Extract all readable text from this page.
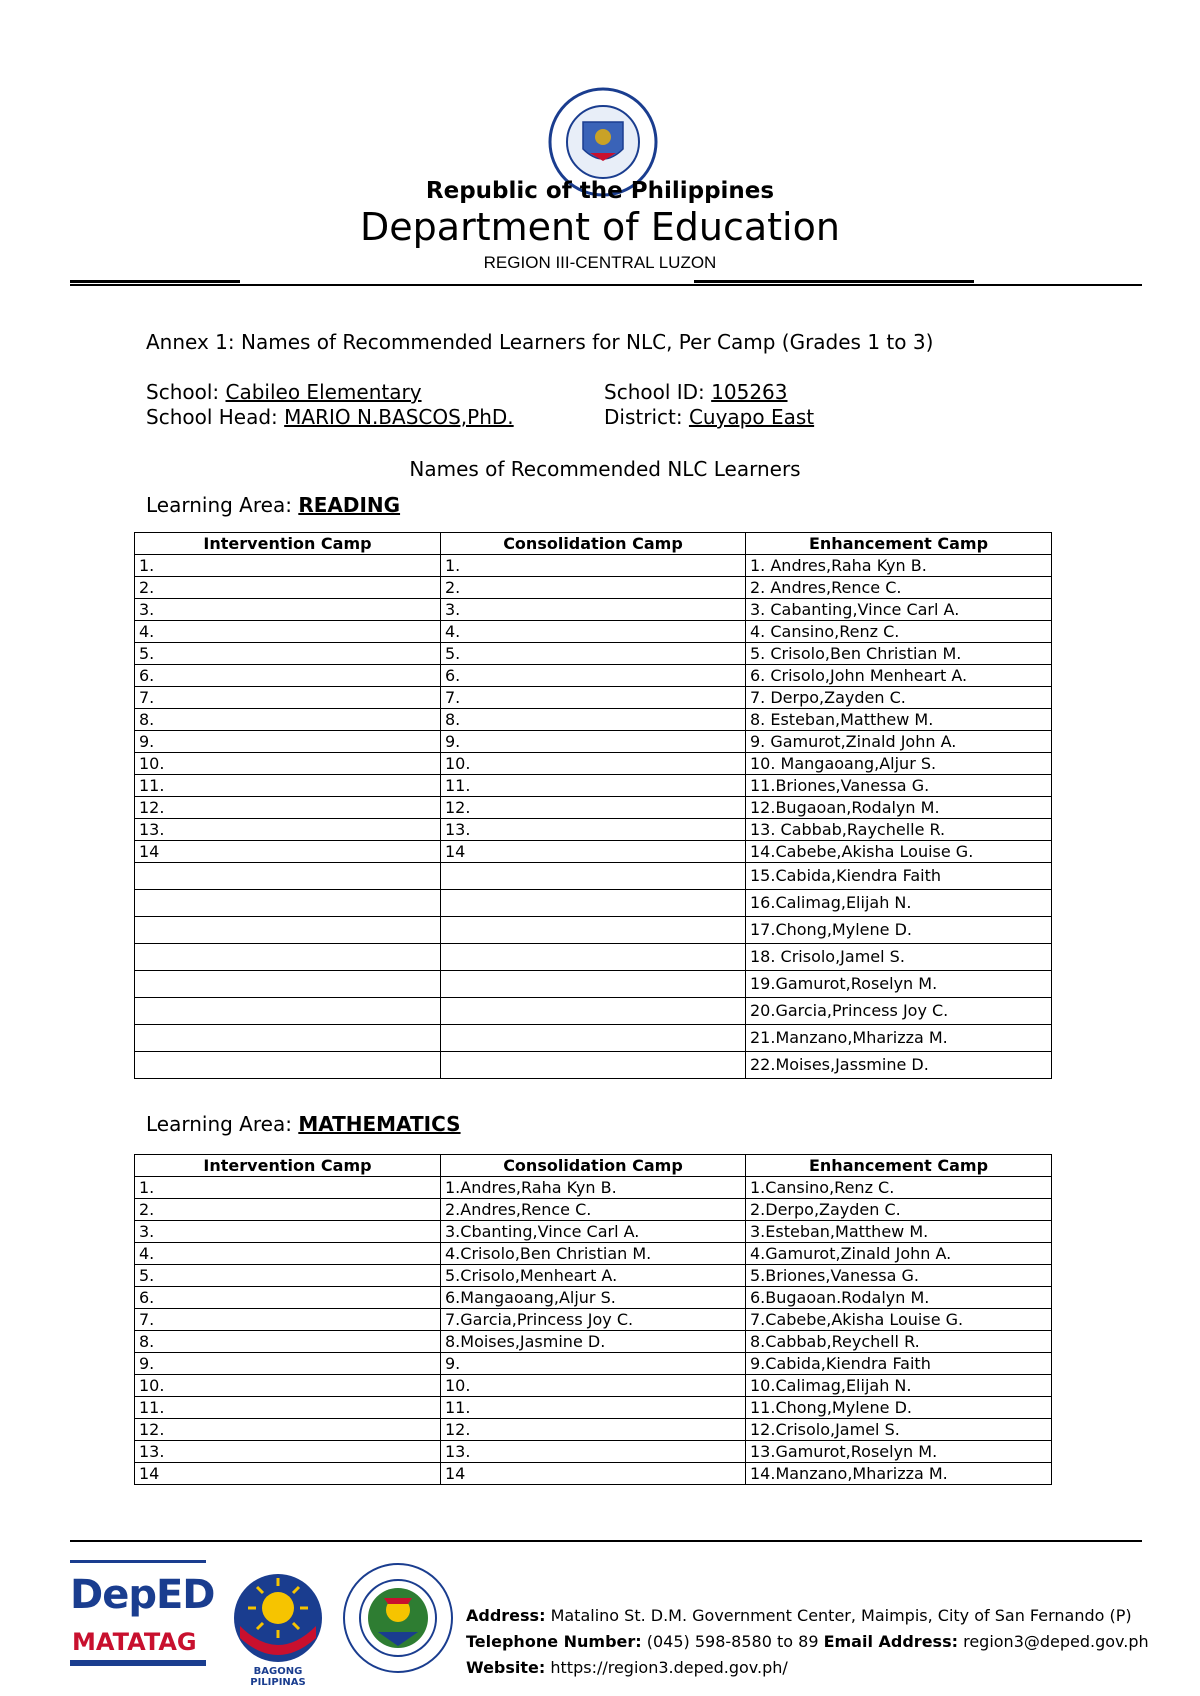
Republic of the Philippines
Department of Education
REGION III-CENTRAL LUZON
Annex 1: Names of Recommended Learners for NLC, Per Camp (Grades 1 to 3)
School: Cabileo Elementary	School ID: 105263
School Head: MARIO N.BASCOS,PhD.	District: Cuyapo East
Names of Recommended NLC Learners
Learning Area: READING
Intervention Camp	Consolidation Camp	Enhancement Camp
1.	1.	1. Andres,Raha Kyn B.
2.	2.	2. Andres,Rence C.
3.	3.	3. Cabanting,Vince Carl A.
4.	4.	4. Cansino,Renz C.
5.	5.	5. Crisolo,Ben Christian M.
6.	6.	6. Crisolo,John Menheart A.
7.	7.	7. Derpo,Zayden C.
8.	8.	8. Esteban,Matthew M.
9.	9.	9. Gamurot,Zinald John A.
10.	10.	10. Mangaoang,Aljur S.
11.	11.	11.Briones,Vanessa G.
12.	12.	12.Bugaoan,Rodalyn M.
13.	13.	13. Cabbab,Raychelle R.
14	14	14.Cabebe,Akisha Louise G.
		15.Cabida,Kiendra Faith
		16.Calimag,Elijah N.
		17.Chong,Mylene D.
		18. Crisolo,Jamel S.
		19.Gamurot,Roselyn M.
		20.Garcia,Princess Joy C.
		21.Manzano,Mharizza M.
		22.Moises,Jassmine D.
Learning Area: MATHEMATICS
Intervention Camp	Consolidation Camp	Enhancement Camp
1.	1.Andres,Raha Kyn B.	1.Cansino,Renz C.
2.	2.Andres,Rence C.	2.Derpo,Zayden C.
3.	3.Cbanting,Vince Carl A.	3.Esteban,Matthew M.
4.	4.Crisolo,Ben Christian M.	4.Gamurot,Zinald John A.
5.	5.Crisolo,Menheart A.	5.Briones,Vanessa G.
6.	6.Mangaoang,Aljur S.	6.Bugaoan.Rodalyn M.
7.	7.Garcia,Princess Joy C.	7.Cabebe,Akisha Louise G.
8.	8.Moises,Jasmine D.	8.Cabbab,Reychell R.
9.	9.	9.Cabida,Kiendra Faith
10.	10.	10.Calimag,Elijah N.
11.	11.	11.Chong,Mylene D.
12.	12.	12.Crisolo,Jamel S.
13.	13.	13.Gamurot,Roselyn M.
14	14	14.Manzano,Mharizza M.
DepED
MATATAG
BAGONG PILIPINAS
Address: Matalino St. D.M. Government Center, Maimpis, City of San Fernando (P)
Telephone Number: (045) 598-8580 to 89 Email Address: region3@deped.gov.ph
Website: https://region3.deped.gov.ph/
